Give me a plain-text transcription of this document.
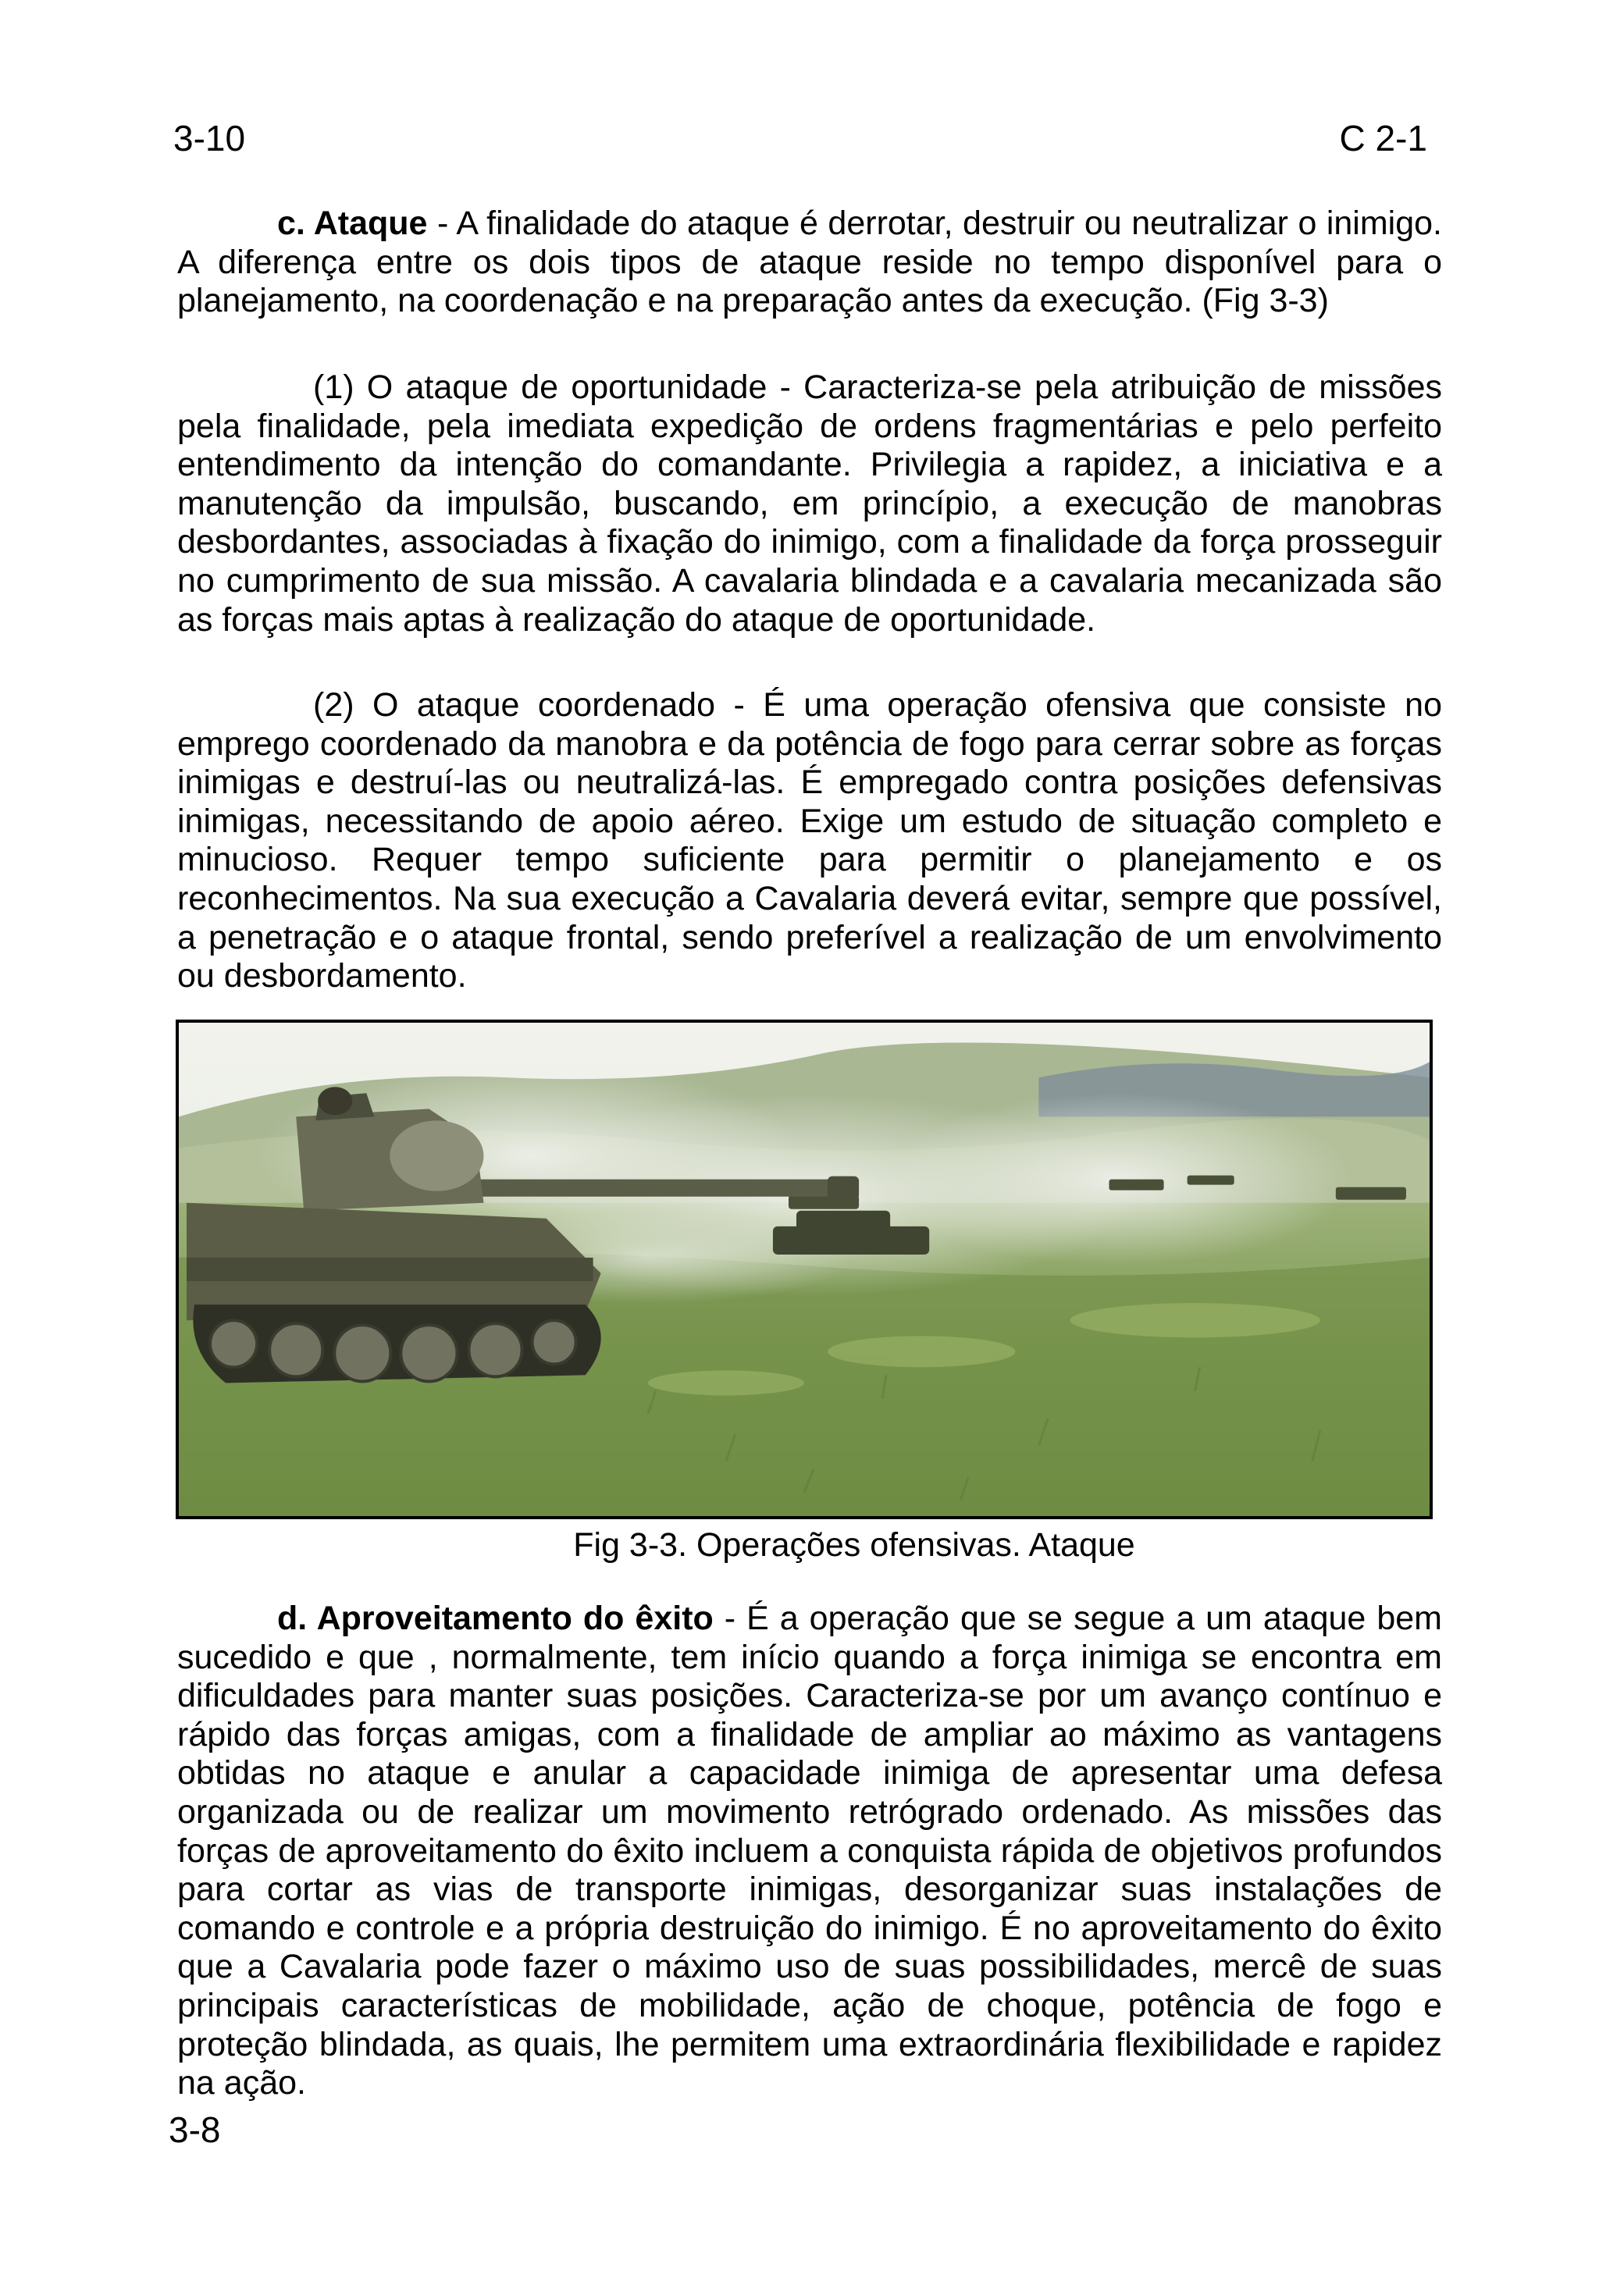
3-10	C 2-1
c. Ataque - A finalidade do ataque é derrotar, destruir ou neutralizar o inimigo. A diferença entre os dois tipos de ataque reside no tempo disponível para o planejamento, na coordenação e na preparação antes da execução. (Fig 3-3)
(1) O ataque de oportunidade - Caracteriza-se pela atribuição de missões pela finalidade, pela imediata expedição de ordens fragmentárias e pelo perfeito entendimento da intenção do comandante. Privilegia a rapidez, a iniciativa e a manutenção da impulsão, buscando, em princípio, a execução de manobras desbordantes, associadas à fixação do inimigo, com a finalidade da força prosseguir no cumprimento de sua missão. A cavalaria blindada e a cavalaria mecanizada são as forças mais aptas à realização do ataque de oportunidade.
(2) O ataque coordenado - É uma operação ofensiva que consiste no emprego coordenado da manobra e da potência de fogo para cerrar sobre as forças inimigas e destruí-las ou neutralizá-las. É empregado contra posições defensivas inimigas, necessitando de apoio aéreo. Exige um estudo de situação completo e minucioso. Requer tempo suficiente para permitir o planejamento e os reconhecimentos. Na sua execução a Cavalaria deverá evitar, sempre que possível, a penetração e o ataque frontal, sendo preferível a realização de um envolvimento ou desbordamento.
Fig 3-3. Operações ofensivas. Ataque
d. Aproveitamento do êxito - É a operação que se segue a um ataque bem sucedido e que , normalmente, tem início quando a força inimiga se encontra em dificuldades para manter suas posições. Caracteriza-se por um avanço contínuo e rápido das forças amigas, com a finalidade de ampliar ao máximo as vantagens obtidas no ataque e anular a capacidade inimiga de apresentar uma defesa organizada ou de realizar um movimento retrógrado ordenado. As missões das forças de aproveitamento do êxito incluem a conquista rápida de objetivos profundos para cortar as vias de transporte inimigas, desorganizar suas instalações de comando e controle e a própria destruição do inimigo. É no aproveitamento do êxito que a Cavalaria pode fazer o máximo uso de suas possibilidades, mercê de suas principais características de mobilidade, ação de choque, potência de fogo e proteção blindada, as quais, lhe permitem uma extraordinária flexibilidade e rapidez na ação.
3-8
